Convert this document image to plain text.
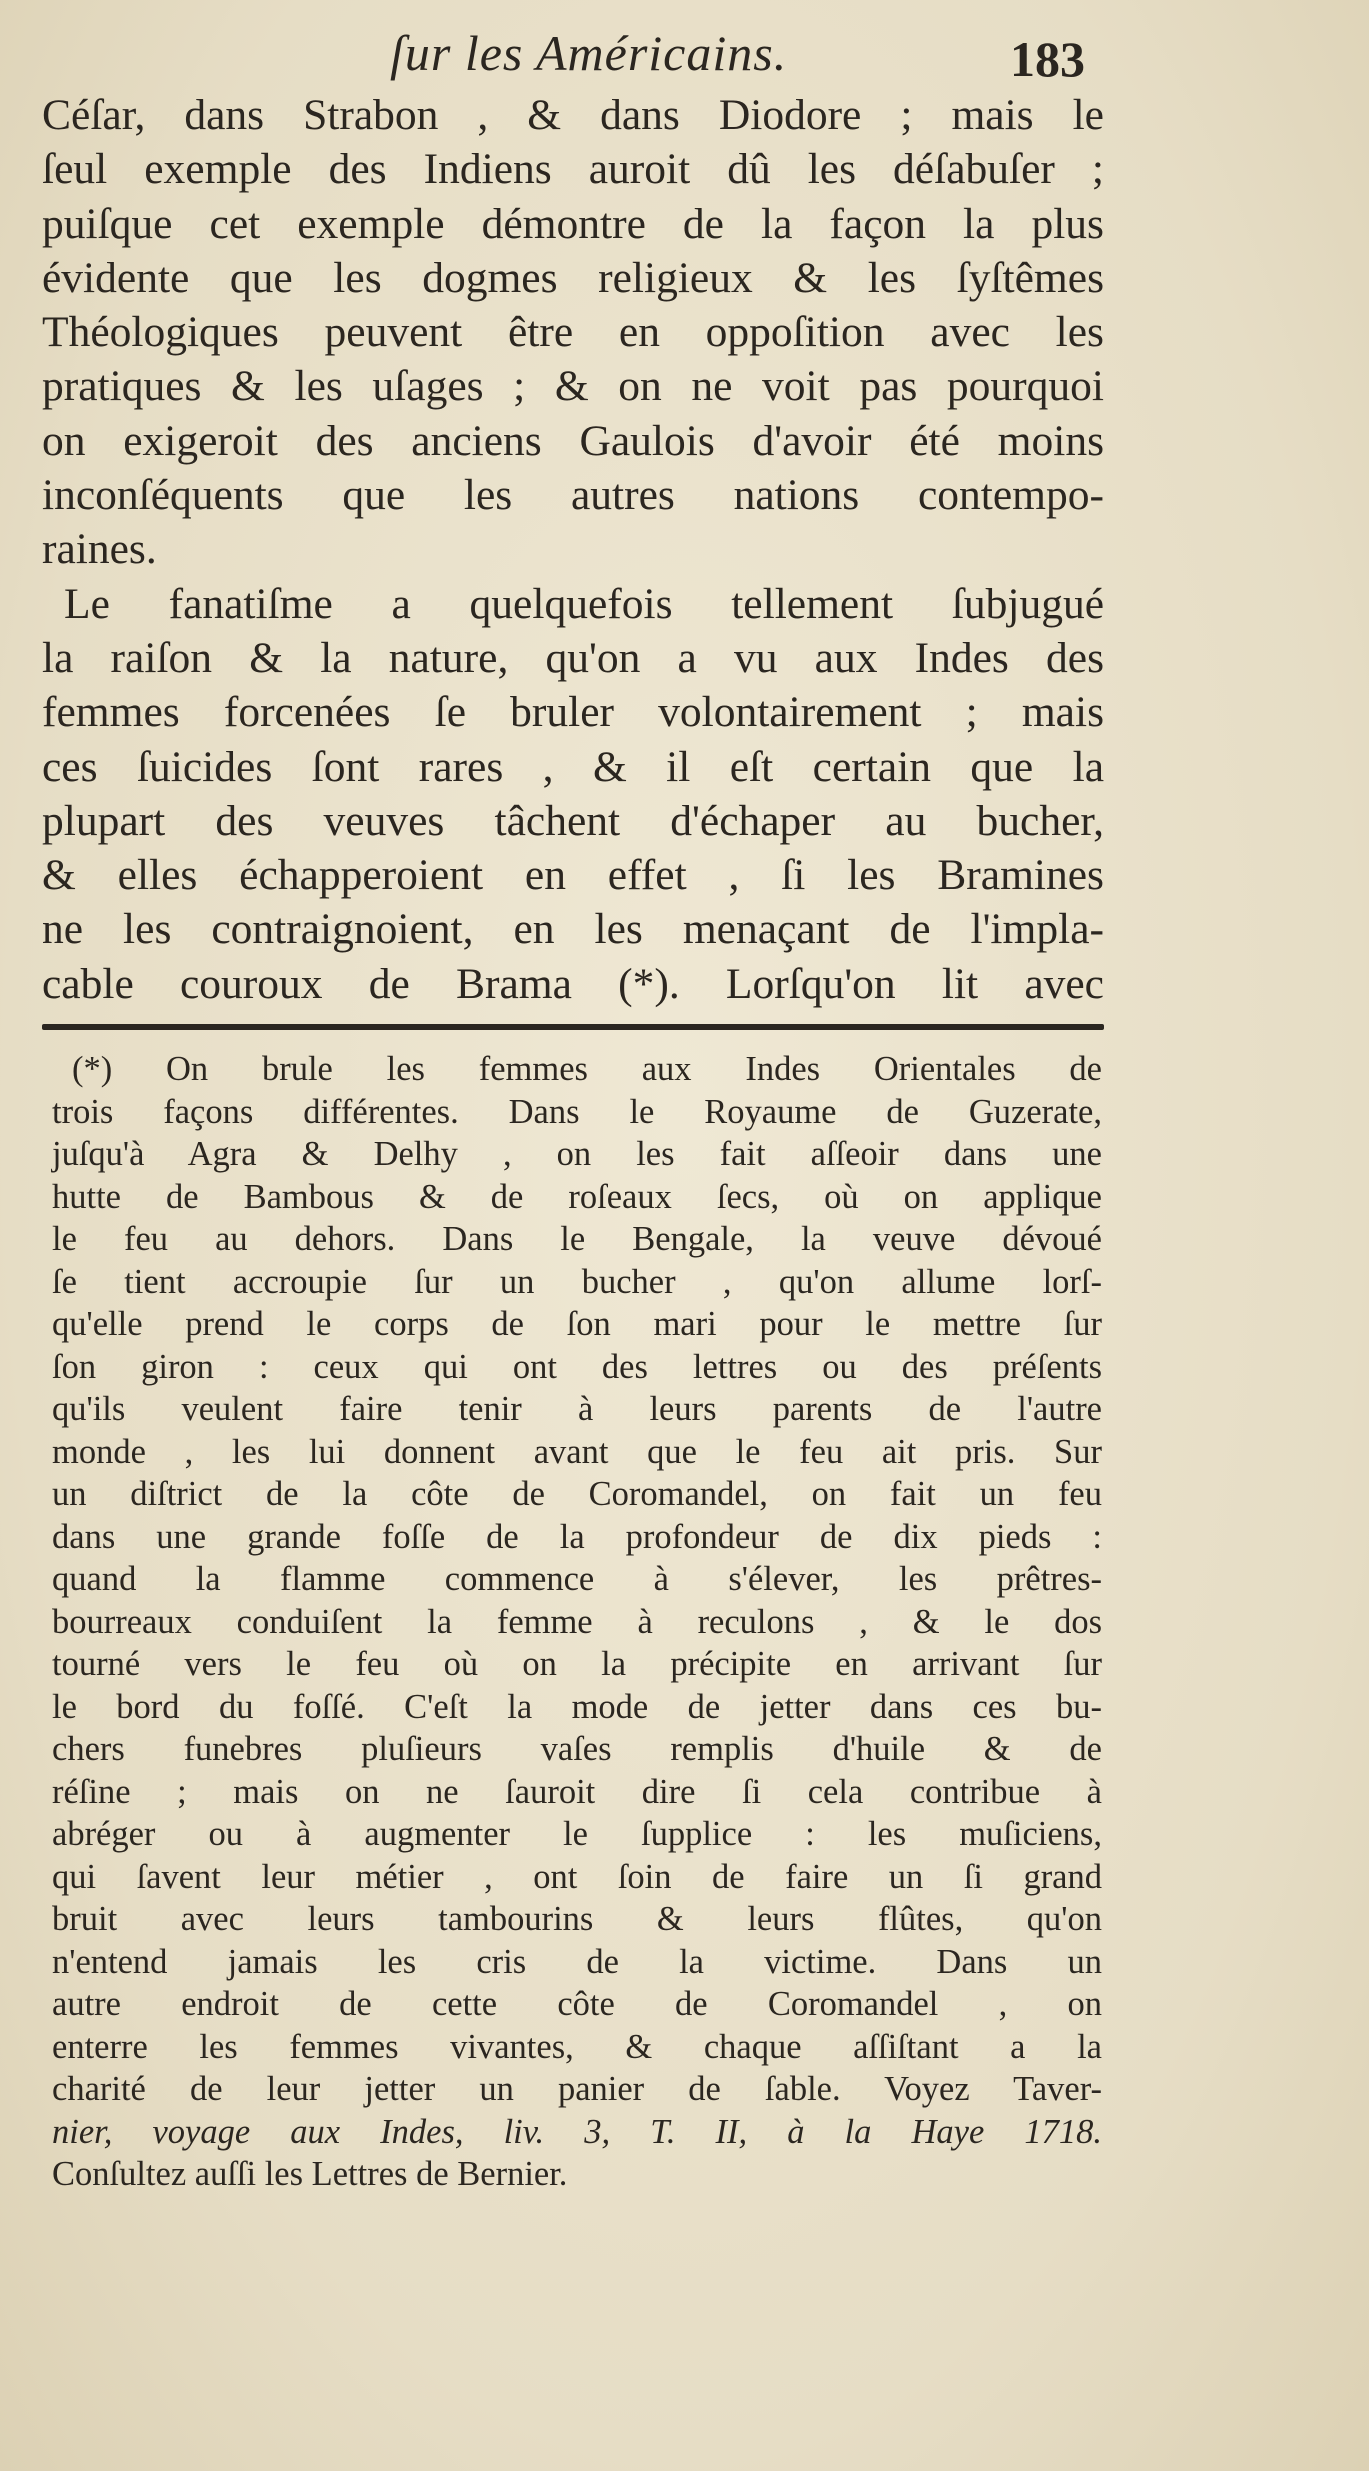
ſur les Américains.	183
Céſar, dans Strabon , & dans Diodore ; mais le
ſeul exemple des Indiens auroit dû les déſabuſer ;
puiſque cet exemple démontre de la façon la plus
évidente que les dogmes religieux & les ſyſtêmes
Théologiques peuvent être en oppoſition avec les
pratiques & les uſages ; & on ne voit pas pourquoi
on exigeroit des anciens Gaulois d'avoir été moins
inconſéquents que les autres nations contempo-
raines.
Le fanatiſme a quelquefois tellement ſubjugué
la raiſon & la nature, qu'on a vu aux Indes des
femmes forcenées ſe bruler volontairement ; mais
ces ſuicides ſont rares , & il eſt certain que la
plupart des veuves tâchent d'échaper au bucher,
& elles échapperoient en effet , ſi les Bramines
ne les contraignoient, en les menaçant de l'impla-
cable couroux de Brama (*). Lorſqu'on lit avec
(*) On brule les femmes aux Indes Orientales de
trois façons différentes. Dans le Royaume de Guzerate,
juſqu'à Agra & Delhy , on les fait aſſeoir dans une
hutte de Bambous & de roſeaux ſecs, où on applique
le feu au dehors. Dans le Bengale, la veuve dévoué
ſe tient accroupie ſur un bucher , qu'on allume lorſ-
qu'elle prend le corps de ſon mari pour le mettre ſur
ſon giron : ceux qui ont des lettres ou des préſents
qu'ils veulent faire tenir à leurs parents de l'autre
monde , les lui donnent avant que le feu ait pris. Sur
un diſtrict de la côte de Coromandel, on fait un feu
dans une grande foſſe de la profondeur de dix pieds :
quand la flamme commence à s'élever, les prêtres-
bourreaux conduiſent la femme à reculons , & le dos
tourné vers le feu où on la précipite en arrivant ſur
le bord du foſſé. C'eſt la mode de jetter dans ces bu-
chers funebres pluſieurs vaſes remplis d'huile & de
réſine ; mais on ne ſauroit dire ſi cela contribue à
abréger ou à augmenter le ſupplice : les muſiciens,
qui ſavent leur métier , ont ſoin de faire un ſi grand
bruit avec leurs tambourins & leurs flûtes, qu'on
n'entend jamais les cris de la victime. Dans un
autre endroit de cette côte de Coromandel , on
enterre les femmes vivantes, & chaque aſſiſtant a la
charité de leur jetter un panier de ſable. Voyez Taver-
nier, voyage aux Indes, liv. 3, T. II, à la Haye 1718.
Conſultez auſſi les Lettres de Bernier.
